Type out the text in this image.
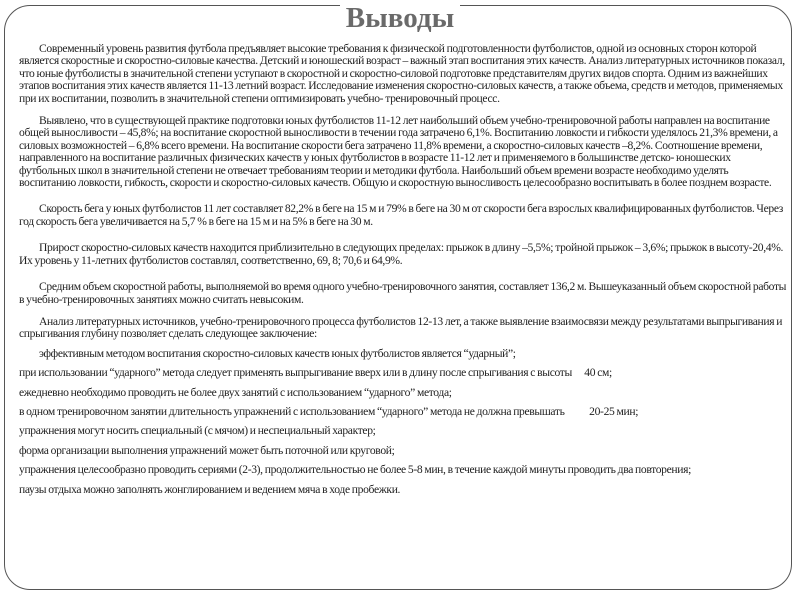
Выводы

Современный уровень развития футбола предъявляет высокие требования к физической подготовленности футболистов, одной из основных сторон которой является скоростные и скоростно-силовые качества. Детский и юношеский возраст – важный этап воспитания этих качеств. Анализ литературных источников показал, что юные футболисты в значительной степени уступают в скоростной и скоростно-силовой подготовке представителям других видов спорта. Одним из важнейших этапов воспитания этих качеств является 11-13 летний возраст. Исследование изменения скоростно-силовых качеств, а также объема, средств и методов, применяемых при их воспитании, позволить в значительной степени оптимизировать учебно- тренировочный процесс.

Выявлено, что в существующей практике подготовки юных футболистов 11-12 лет наибольший объем учебно-тренировочной работы направлен на воспитание общей выносливости – 45,8%; на воспитание скоростной выносливости в течении года затрачено 6,1%. Воспитанию ловкости и гибкости уделялось 21,3% времени, а силовых возможностей – 6,8% всего времени. На воспитание скорости бега затрачено 11,8% времени, а скоростно-силовых качеств –8,2%. Соотношение времени, направленного на воспитание различных физических качеств у юных футболистов в возрасте 11-12 лет и применяемого в большинстве детско- юношеских футбольных школ в значительной степени не отвечает требованиям теории и методики футбола. Наибольший объем времени возрасте необходимо уделять воспитанию ловкости, гибкость, скорости и скоростно-силовых качеств. Общую и скоростную выносливость целесообразно воспитывать в более позднем возрасте.

Скорость бега у юных футболистов 11 лет составляет 82,2% в беге на 15 м и 79% в беге на 30 м от скорости бега взрослых квалифицированных футболистов. Через год скорость бега увеличивается на 5,7 % в беге на 15 м и на 5% в беге на 30 м.

Прирост скоростно-силовых качеств находится приблизительно в следующих пределах: прыжок в длину –5,5%; тройной прыжок – 3,6%; прыжок в высоту-20,4%. Их уровень у 11-летних футболистов составлял, соответственно, 69, 8; 70,6 и 64,9%.

Средним объем скоростной работы, выполняемой во время одного учебно-тренировочного занятия, составляет 136,2 м. Вышеуказанный объем скоростной работы в учебно-тренировочных занятиях можно считать невысоким.

Анализ литературных источников, учебно-тренировочного процесса футболистов 12-13 лет, а также выявление взаимосвязи между результатами выпрыгивания и спрыгивания глубину позволяет сделать следующее заключение:

эффективным методом воспитания скоростно-силовых качеств юных футболистов является “ударный”;

при использовании “ударного” метода следует применять выпрыгивание вверх или в длину после спрыгивания с высоты      40 см;

ежедневно необходимо проводить не более двух занятий с использованием “ударного” метода;

в одном тренировочном занятии длительность упражнений с использованием “ударного” метода не должна превышать            20-25 мин;

упражнения могут носить специальный (с мячом) и неспециальный характер;

форма организации выполнения упражнений может быть поточной или круговой;

упражнения целесообразно проводить сериями (2-3), продолжительностью не более 5-8 мин, в течение каждой минуты проводить два повторения;

паузы отдыха можно заполнять жонглированием и ведением мяча в ходе пробежки.
